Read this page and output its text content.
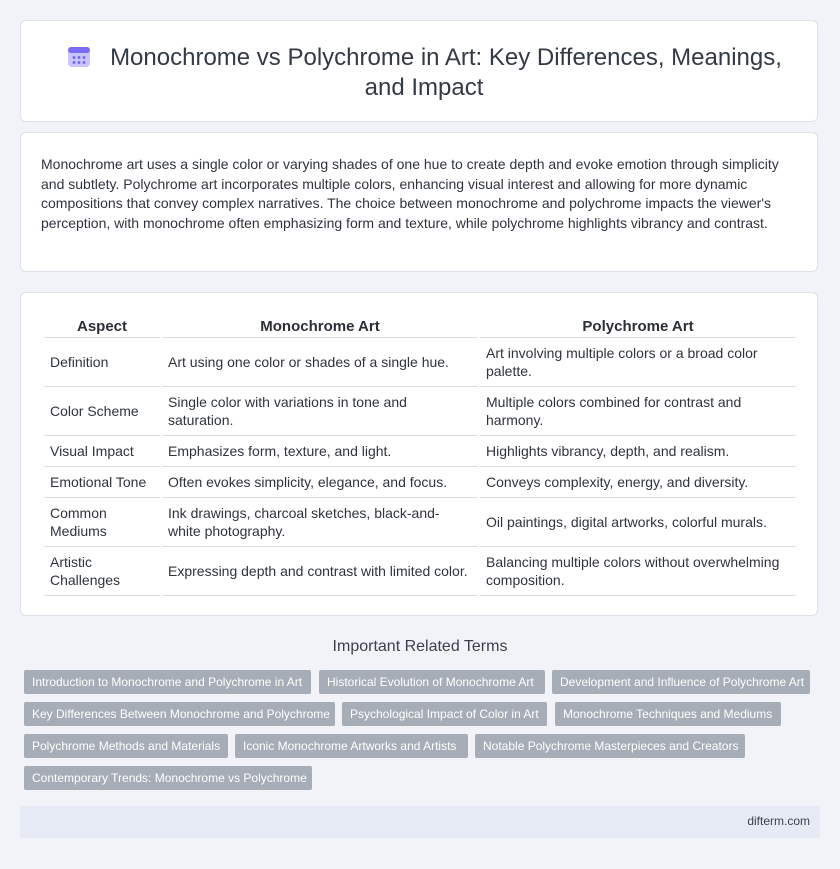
Monochrome vs Polychrome in Art: Key Differences, Meanings, and Impact

Monochrome art uses a single color or varying shades of one hue to create depth and evoke emotion through simplicity and subtlety. Polychrome art incorporates multiple colors, enhancing visual interest and allowing for more dynamic compositions that convey complex narratives. The choice between monochrome and polychrome impacts the viewer's perception, with monochrome often emphasizing form and texture, while polychrome highlights vibrancy and contrast.

Aspect	Monochrome Art	Polychrome Art
Definition	Art using one color or shades of a single hue.	Art involving multiple colors or a broad color palette.
Color Scheme	Single color with variations in tone and saturation.	Multiple colors combined for contrast and harmony.
Visual Impact	Emphasizes form, texture, and light.	Highlights vibrancy, depth, and realism.
Emotional Tone	Often evokes simplicity, elegance, and focus.	Conveys complexity, energy, and diversity.
Common Mediums	Ink drawings, charcoal sketches, black-and-white photography.	Oil paintings, digital artworks, colorful murals.
Artistic Challenges	Expressing depth and contrast with limited color.	Balancing multiple colors without overwhelming composition.
Important Related Terms
Introduction to Monochrome and Polychrome in Art	Historical Evolution of Monochrome Art	Development and Influence of Polychrome Art
Key Differences Between Monochrome and Polychrome	Psychological Impact of Color in Art	Monochrome Techniques and Mediums
Polychrome Methods and Materials	Iconic Monochrome Artworks and Artists	Notable Polychrome Masterpieces and Creators
Contemporary Trends: Monochrome vs Polychrome
difterm.com
